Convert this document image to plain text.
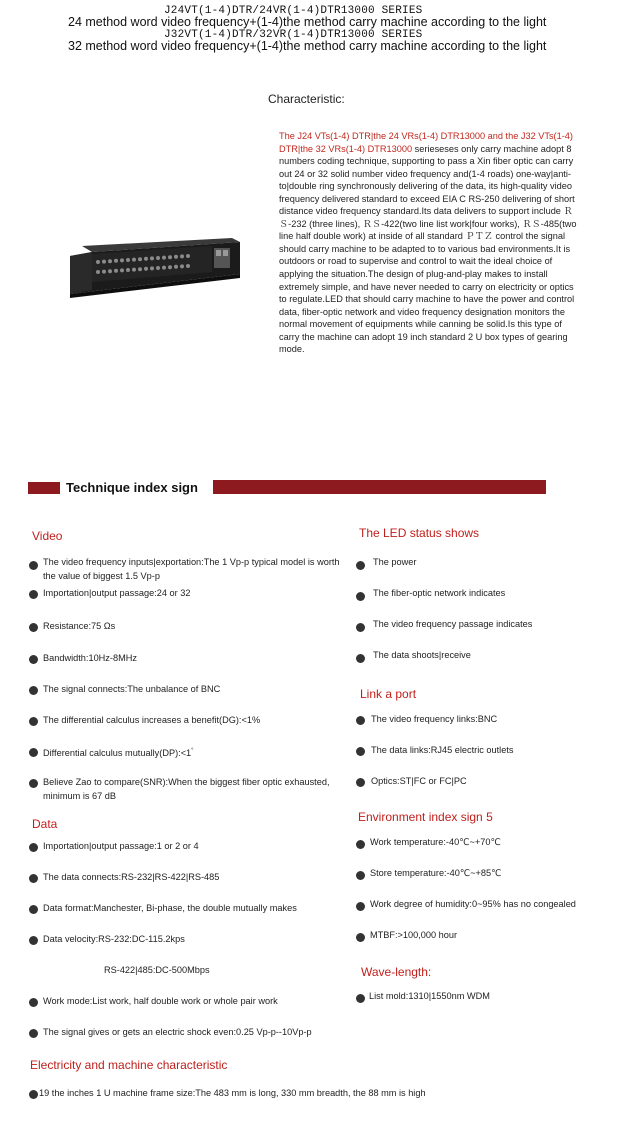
J24VT(1-4)DTR/24VR(1-4)DTR13000 SERIES
24 method word video frequency+(1-4)the method carry machine according to the light
J32VT(1-4)DTR/32VR(1-4)DTR13000 SERIES
32 method word video frequency+(1-4)the method carry machine according to the light
Characteristic:
The J24 VTs(1-4) DTR|the 24 VRs(1-4) DTR13000 and the J32 VTs(1-4) DTR|the 32 VRs(1-4) DTR13000 serieseses only carry machine adopt 8 numbers coding technique, supporting to pass a Xin fiber optic can carry out 24 or 32 solid number video frequency and(1-4 roads) one-way|anti- to|double ring synchronously delivering of the data, its high-quality video frequency delivered standard to exceed EIA C RS-250 delivering of short distance video frequency standard.Its data delivers to support include ＲＳ-232 (three lines), ＲＳ-422(two line list work|four works), ＲＳ-485(two line half double work) at inside of all standard ＰＴＺ control the signal should carry machine to be adapted to to various bad environments.It is outdoors or road to supervise and control to wait the ideal choice of applying the situation.The design of plug-and-play makes to install extremely simple, and have never needed to carry on electricity or optics to regulate.LED that should carry machine to have the power and control data, fiber-optic network and video frequency designation monitors the normal movement of equipments while canning be solid.Is this type of carry the machine can adopt 19 inch standard 2 U box types of gearing mode.
Technique index sign
Video
The video frequency inputs|exportation:The 1 Vp-p typical model is worth the value of biggest 1.5 Vp-p
Importation|output passage:24 or 32
Resistance:75 Ωs
Bandwidth:10Hz-8MHz
The signal connects:The unbalance of BNC
The differential calculus increases a benefit(DG):<1%
Differential calculus mutually(DP):<1°
Believe Zao to compare(SNR):When the biggest fiber optic exhausted, minimum is 67 dB
Data
Importation|output passage:1 or 2 or 4
The data connects:RS-232|RS-422|RS-485
Data format:Manchester, Bi-phase, the double mutually makes
Data velocity:RS-232:DC-115.2kps
RS-422|485:DC-500Mbps
Work mode:List work, half double work or whole pair work
The signal gives or gets an electric shock even:0.25 Vp-p--10Vp-p
Electricity and machine characteristic
19 the inches 1 U machine frame size:The 483 mm is long, 330 mm breadth, the 88 mm is high
The LED status shows
The power
The fiber-optic network indicates
The video frequency passage indicates
The data shoots|receive
Link a port
The video frequency links:BNC
The data links:RJ45 electric outlets
Optics:ST|FC or FC|PC
Environment index sign 5
Work temperature:-40℃~+70℃
Store temperature:-40℃~+85℃
Work degree of humidity:0~95% has no congealed
MTBF:>100,000 hour
Wave-length:
List mold:1310|1550nm WDM
